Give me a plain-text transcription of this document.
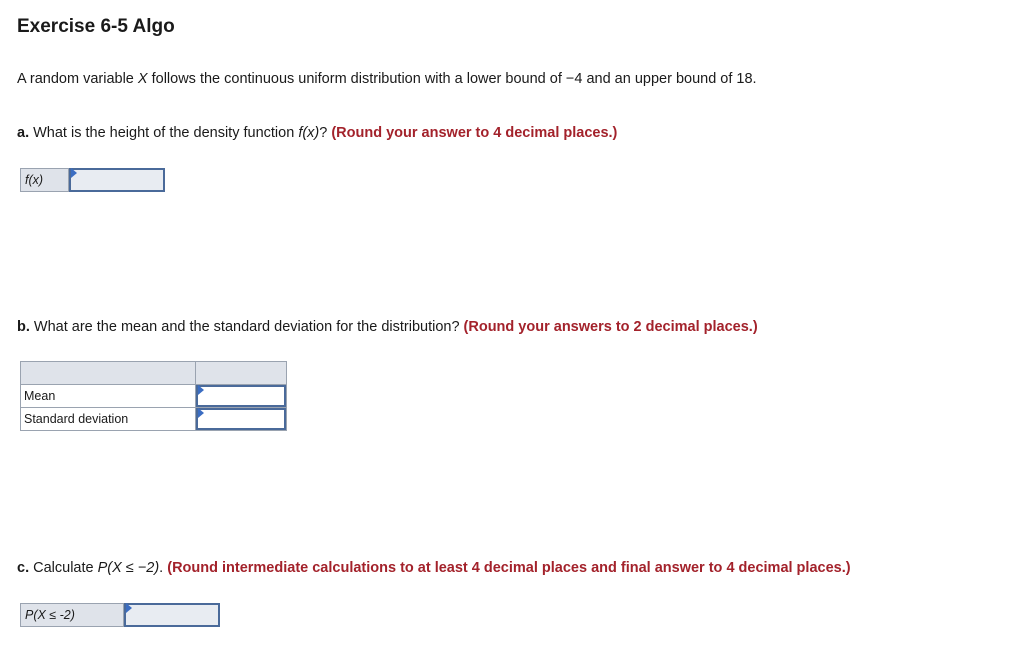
Exercise 6-5 Algo
A random variable X follows the continuous uniform distribution with a lower bound of −4 and an upper bound of 18.
a. What is the height of the density function f(x)? (Round your answer to 4 decimal places.)
f(x)
b. What are the mean and the standard deviation for the distribution? (Round your answers to 2 decimal places.)

Mean	

Standard deviation	
c. Calculate P(X ≤ −2). (Round intermediate calculations to at least 4 decimal places and final answer to 4 decimal places.)
P(X ≤ -2)
